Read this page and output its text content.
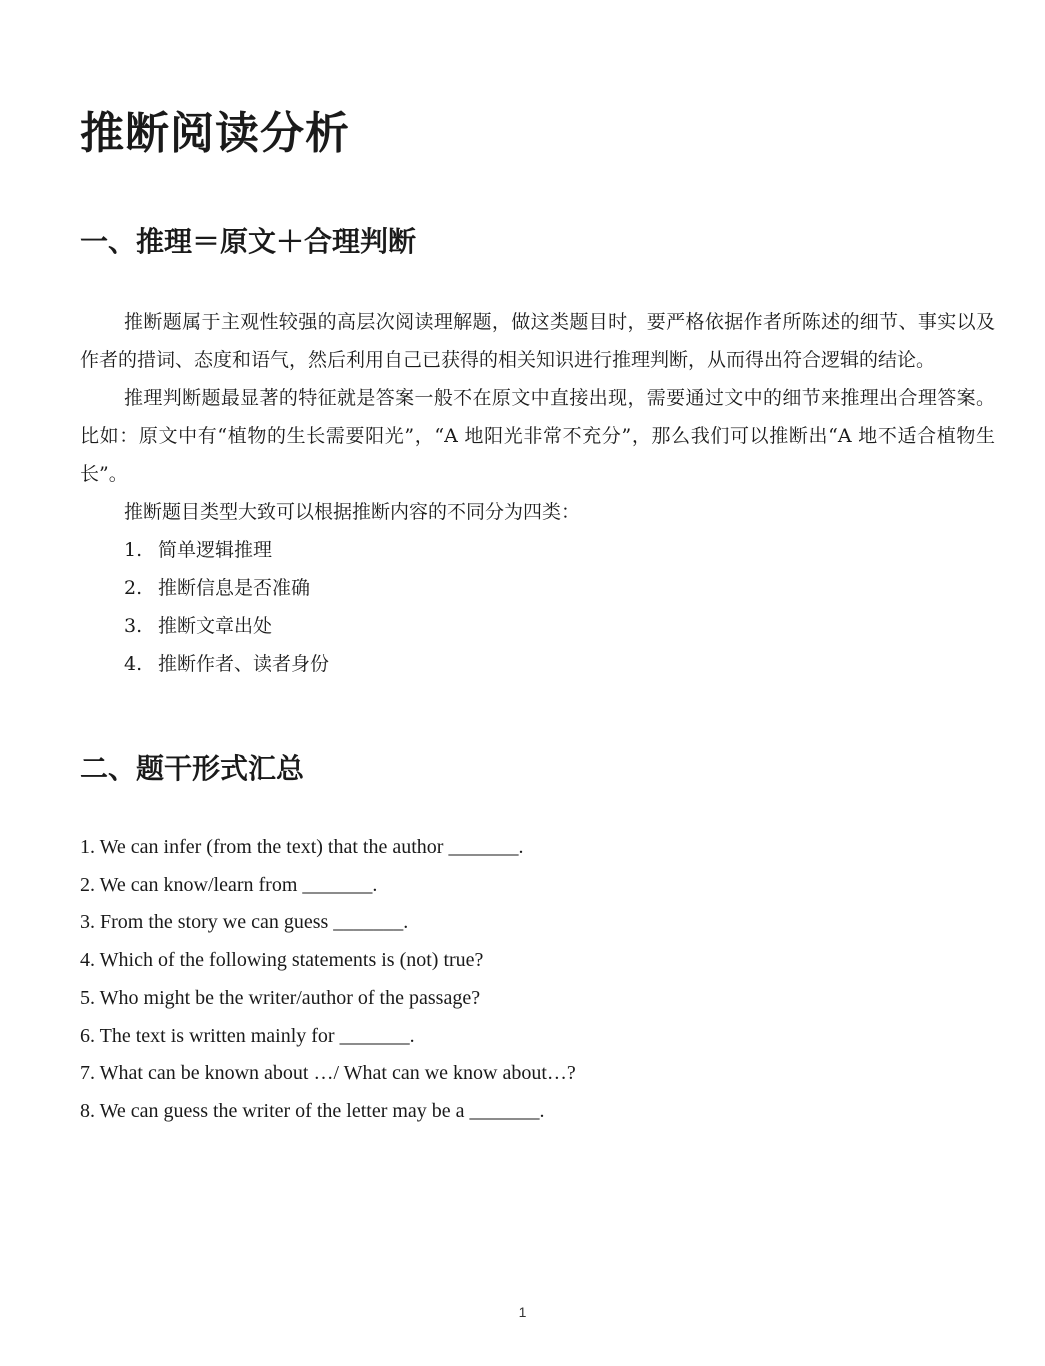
推断阅读分析
一、推理＝原文＋合理判断

推断题属于主观性较强的高层次阅读理解题，做这类题目时，要严格依据作者所陈述的细节、事实以及作者的措词、态度和语气，然后利用自己已获得的相关知识进行推理判断，从而得出符合逻辑的结论。

推理判断题最显著的特征就是答案一般不在原文中直接出现，需要通过文中的细节来推理出合理答案。比如：原文中有“植物的生长需要阳光”，“A 地阳光非常不充分”，那么我们可以推断出“A 地不适合植物生长”。

推断题目类型大致可以根据推断内容的不同分为四类：

1. 简单逻辑推理
2. 推断信息是否准确
3. 推断文章出处
4. 推断作者、读者身份
二、题干形式汇总
1. We can infer (from the text) that the author _______.
2. We can know/learn from _______.
3. From the story we can guess _______.
4. Which of the following statements is (not) true?
5. Who might be the writer/author of the passage?
6. The text is written mainly for _______.
7. What can be known about …/ What can we know about…?
8. We can guess the writer of the letter may be a _______.
1
